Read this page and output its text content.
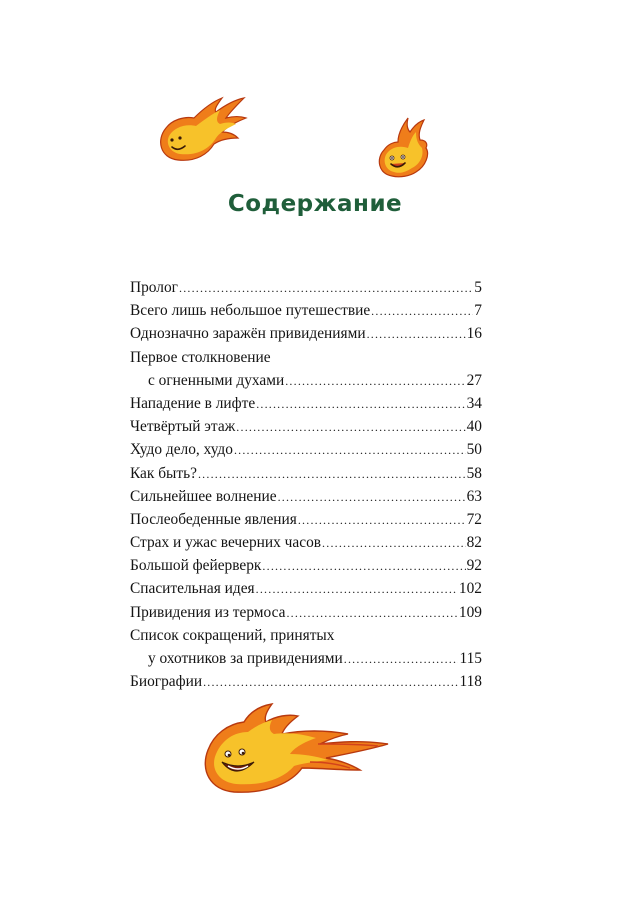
Содержание
Пролог .....	5
Всего лишь небольшое путешествие .....	7
Однозначно заражён привидениями .....	16
Первое столкновение
с огненными духами .....	27
Нападение в лифте .....	34
Четвёртый этаж .....	40
Худо дело, худо .....	50
Как быть? .....	58
Сильнейшее волнение .....	63
Послеобеденные явления .....	72
Страх и ужас вечерних часов .....	82
Большой фейерверк .....	92
Спасительная идея .....	102
Привидения из термоса .....	109
Список сокращений, принятых
у охотников за привидениями .....	115
Биографии .....	118
